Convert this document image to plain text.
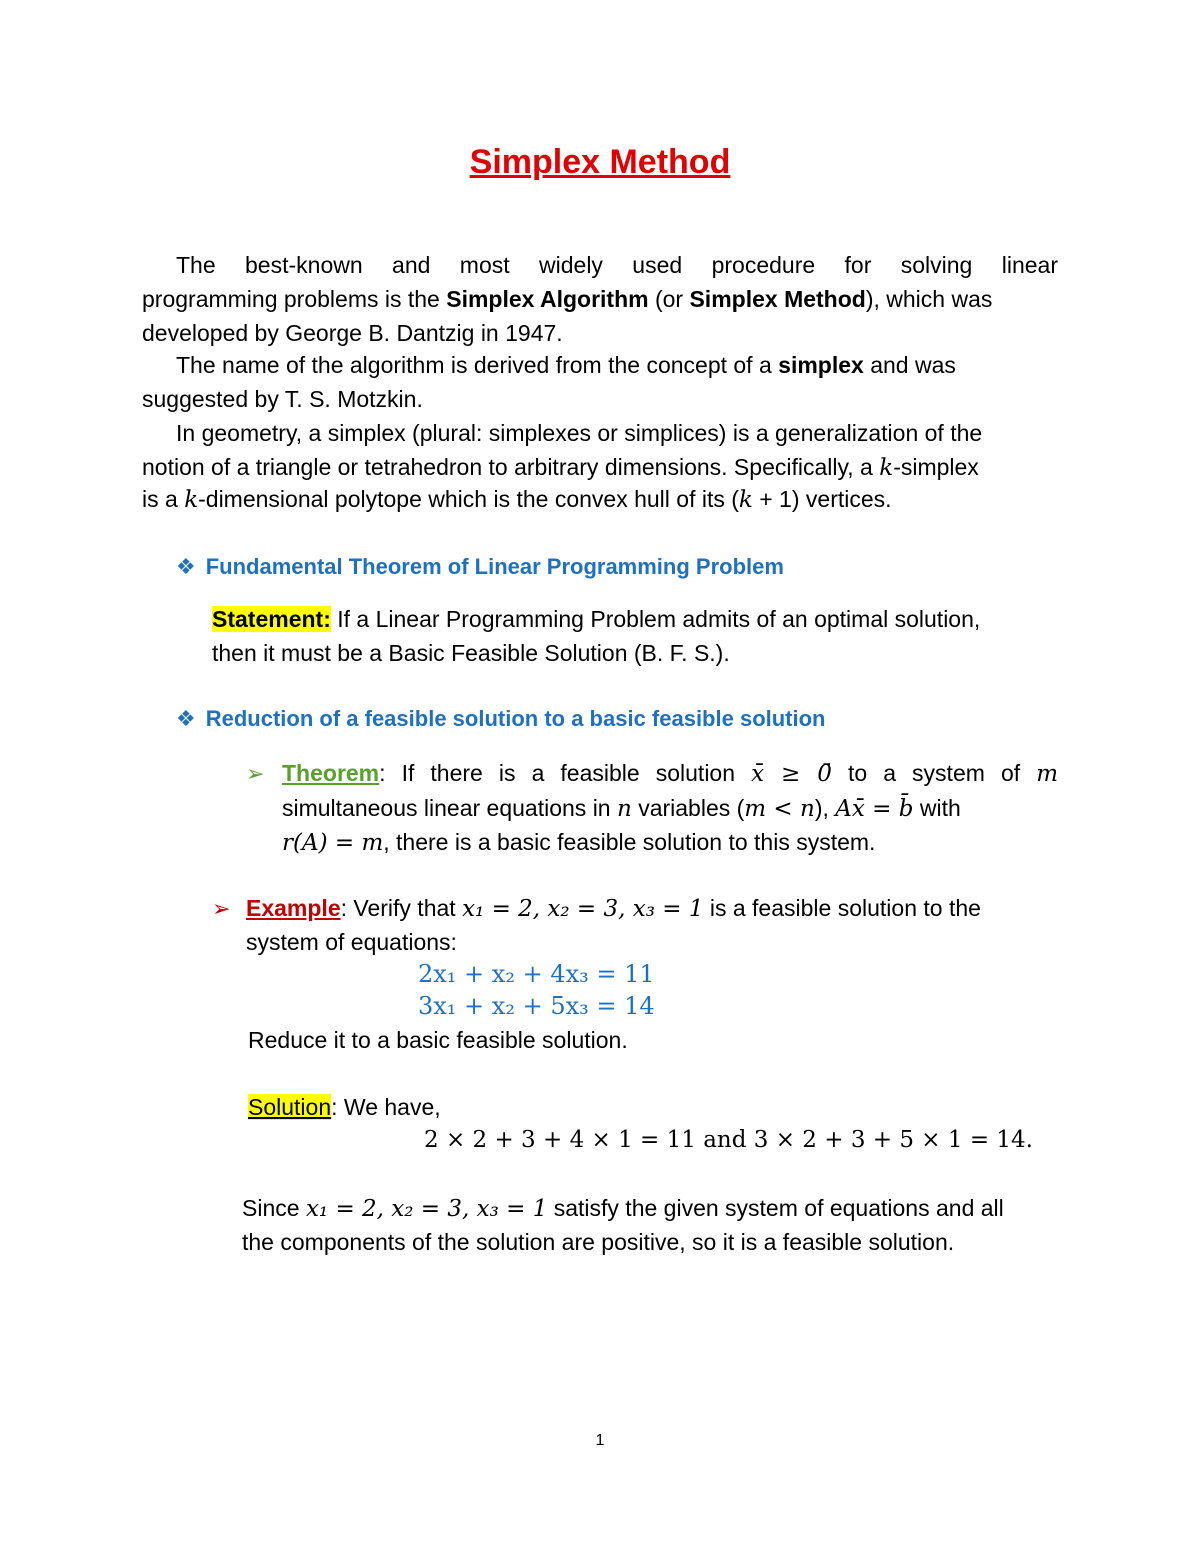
Simplex Method
The best-known and most widely used procedure for solving linear
programming problems is the Simplex Algorithm (or Simplex Method), which was
developed by George B. Dantzig in 1947.
The name of the algorithm is derived from the concept of a simplex and was
suggested by T. S. Motzkin.
In geometry, a simplex (plural: simplexes or simplices) is a generalization of the
notion of a triangle or tetrahedron to arbitrary dimensions. Specifically, a k-simplex
is a k-dimensional polytope which is the convex hull of its (k + 1) vertices.
❖ Fundamental Theorem of Linear Programming Problem
Statement: If a Linear Programming Problem admits of an optimal solution,
then it must be a Basic Feasible Solution (B. F. S.).
❖ Reduction of a feasible solution to a basic feasible solution
➢ Theorem: If there is a feasible solution x̄ ≥ 0̄ to a system of m
simultaneous linear equations in n variables (m < n), Ax̄ = b̄ with
r(A) = m, there is a basic feasible solution to this system.
➢ Example: Verify that x₁ = 2, x₂ = 3, x₃ = 1 is a feasible solution to the
system of equations:
2x₁ + x₂ + 4x₃ = 11
3x₁ + x₂ + 5x₃ = 14
Reduce it to a basic feasible solution.
Solution: We have,
2 × 2 + 3 + 4 × 1 = 11 and 3 × 2 + 3 + 5 × 1 = 14.
Since x₁ = 2, x₂ = 3, x₃ = 1 satisfy the given system of equations and all
the components of the solution are positive, so it is a feasible solution.
1
